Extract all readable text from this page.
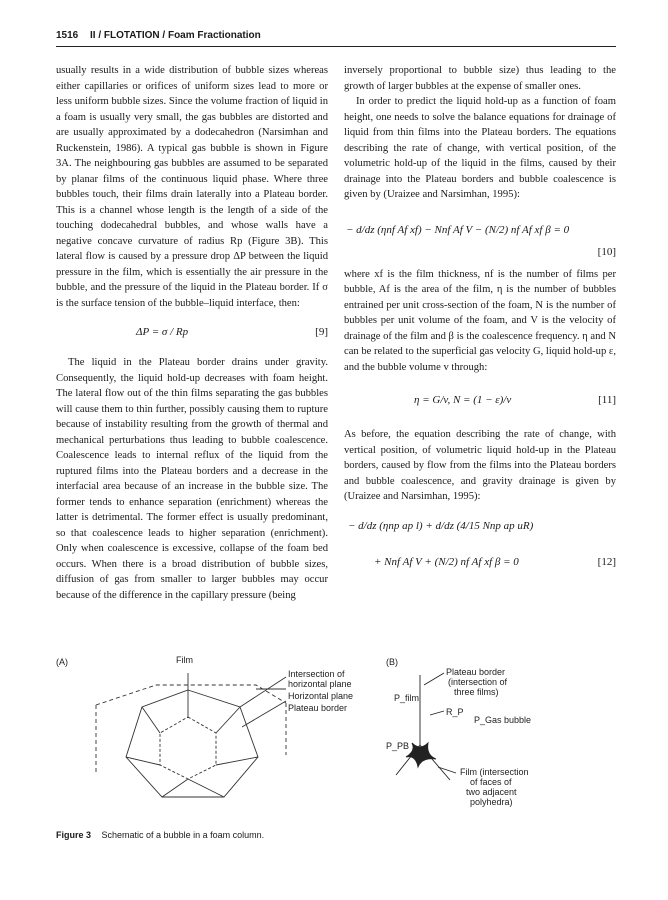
1516 II / FLOTATION / Foam Fractionation

usually results in a wide distribution of bubble sizes whereas either capillaries or orifices of uniform sizes lead to more or less uniform bubble sizes. Since the volume fraction of liquid in a foam is usually very small, the gas bubbles are distorted and are usually approximated by a dodecahedron (Narsimhan and Ruckenstein, 1986). A typical gas bubble is shown in Figure 3A. The neighbouring gas bubbles are assumed to be separated by planar films of the continuous liquid phase. Where three bubbles touch, their films drain laterally into a Plateau border. This is a channel whose length is the length of a side of the touching dodecahedral bubbles, and whose walls have a negative concave curvature of radius Rp (Figure 3B). This lateral flow is caused by a pressure drop ΔP between the liquid pressure in the film, which is essentially the air pressure in the bubble, and the pressure of the liquid in the Plateau border. If σ is the surface tension of the bubble–liquid interface, then:

ΔP = σ / Rp	[9]

The liquid in the Plateau border drains under gravity. Consequently, the liquid hold-up decreases with foam height. The lateral flow out of the thin films separating the gas bubbles will cause them to thin further, possibly causing them to rupture because of instability resulting from the growth of thermal and mechanical perturbations thus leading to bubble coalescence. Coalescence leads to internal reflux of the liquid from the ruptured films into the Plateau borders and a decrease in the interfacial area because of an increase in the bubble size. The former tends to enhance separation (enrichment) whereas the latter is detrimental. The former effect is usually predominant, so that coalescence leads to higher separation (enrichment). Only when coalescence is excessive, collapse of the foam bed occurs. When there is a broad distribution of bubble sizes, diffusion of gas from smaller to larger bubbles may occur because of the difference in the capillary pressure (being

inversely proportional to bubble size) thus leading to the growth of larger bubbles at the expense of smaller ones.

In order to predict the liquid hold-up as a function of foam height, one needs to solve the balance equations for drainage of liquid from thin films into the Plateau borders. The equations describing the rate of change, with vertical position, of the volumetric hold-up of the liquid in the films, caused by their drainage into the Plateau borders and bubble coalescence is given by (Uraizee and Narsimhan, 1995):

− d/dz (ηnf Af xf) − Nnf Af V − (N/2) nf Af xf β = 0
[10]

where xf is the film thickness, nf is the number of films per bubble, Af is the area of the film, η is the number of bubbles entrained per unit cross-section of the foam, N is the number of bubbles per unit volume of the foam, and V is the velocity of drainage of the film and β is the coalescence frequency. η and N can be related to the superficial gas velocity G, liquid hold-up ε, and the bubble volume v through:

η = G/v, N = (1 − ε)/v	[11]

As before, the equation describing the rate of change, with vertical position, of volumetric liquid hold-up in the Plateau borders, caused by flow from the films into the Plateau borders and bubble coalescence, and gravity drainage is given by (Uraizee and Narsimhan, 1995):

− d/dz (ηnp ap l) + d/dz (4/15 Nnp ap uR)
+ Nnf Af V + (N/2) nf Af xf β = 0	[12]
(A)	Film
Intersection of
horizontal plane
Horizontal plane
Plateau border
(B)
Plateau border
(intersection of
three films)
P_film
R_P
P_Gas bubble
P_PB
Film (intersection
of faces of
two adjacent
polyhedra)
Figure 3 Schematic of a bubble in a foam column.
